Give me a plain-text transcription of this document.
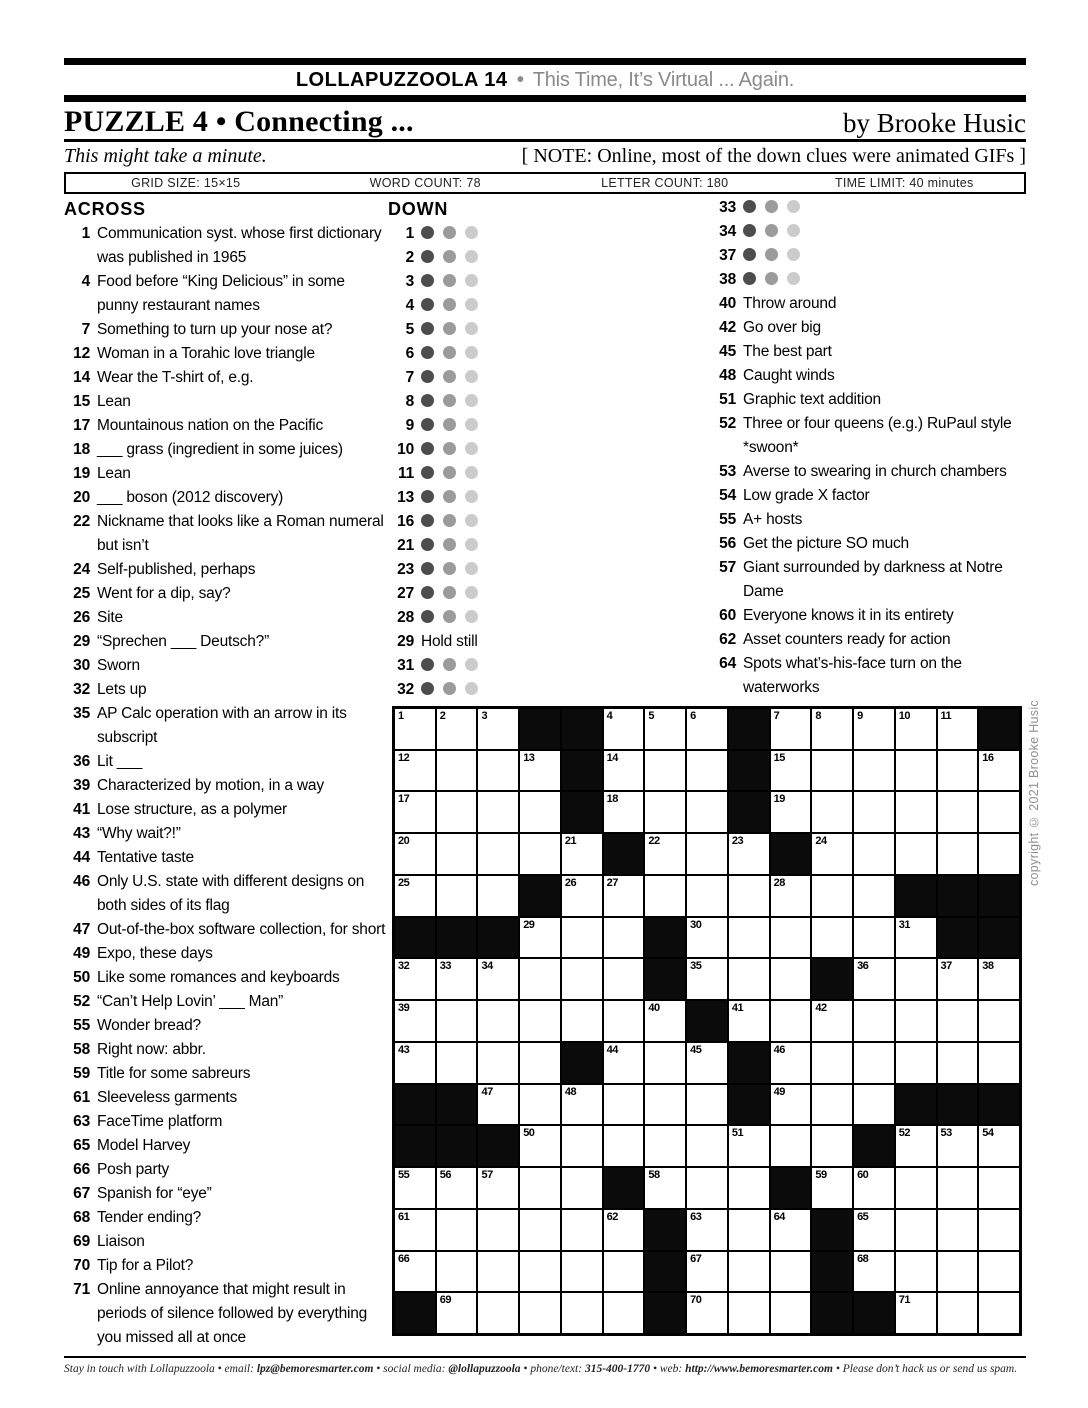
LOLLAPUZZOOLA 14 • This Time, It’s Virtual ... Again.
PUZZLE 4 • Connecting ...	by Brooke Husic
This might take a minute.	[ NOTE: Online, most of the down clues were animated GIFs ]
GRID SIZE: 15×15	WORD COUNT: 78	LETTER COUNT: 180	TIME LIMIT: 40 minutes
ACROSS
1 Communication syst. whose first dictionary was published in 1965
4 Food before “King Delicious” in some punny restaurant names
7 Something to turn up your nose at?
12 Woman in a Torahic love triangle
14 Wear the T-shirt of, e.g.
15 Lean
17 Mountainous nation on the Pacific
18 ___ grass (ingredient in some juices)
19 Lean
20 ___ boson (2012 discovery)
22 Nickname that looks like a Roman numeral but isn’t
24 Self-published, perhaps
25 Went for a dip, say?
26 Site
29 “Sprechen ___ Deutsch?”
30 Sworn
32 Lets up
35 AP Calc operation with an arrow in its subscript
36 Lit ___
39 Characterized by motion, in a way
41 Lose structure, as a polymer
43 “Why wait?!”
44 Tentative taste
46 Only U.S. state with different designs on both sides of its flag
47 Out-of-the-box software collection, for short
49 Expo, these days
50 Like some romances and keyboards
52 “Can’t Help Lovin’ ___ Man”
55 Wonder bread?
58 Right now: abbr.
59 Title for some sabreurs
61 Sleeveless garments
63 FaceTime platform
65 Model Harvey
66 Posh party
67 Spanish for “eye”
68 Tender ending?
69 Liaison
70 Tip for a Pilot?
71 Online annoyance that might result in periods of silence followed by everything you missed all at once
DOWN
1
2
3
4
5
6
7
8
9
10
11
13
16
21
23
27
28
29 Hold still
31
32
33
34
37
38
40 Throw around
42 Go over big
45 The best part
48 Caught winds
51 Graphic text addition
52 Three or four queens (e.g.) RuPaul style *swoon*
53 Averse to swearing in church chambers
54 Low grade X factor
55 A+ hosts
56 Get the picture SO much
57 Giant surrounded by darkness at Notre Dame
60 Everyone knows it in its entirety
62 Asset counters ready for action
64 Spots what’s-his-face turn on the waterworks
1	2	3	4	5	6	7	8	9	10	11
12	13	14	15	16
17	18	19
20	21	22	23	24
25	26	27	28
29	30	31
32	33	34	35	36	37	38
39	40	41	42
43	44	45	46
47	48	49
50	51	52	53	54
55	56	57	58	59	60
61	62	63	64	65
66	67	68
69	70	71
copyright © 2021 Brooke Husic
Stay in touch with Lollapuzzoola • email: lpz@bemoresmarter.com • social media: @lollapuzzoola • phone/text: 315-400-1770 • web: http://www.bemoresmarter.com • Please don’t hack us or send us spam.
